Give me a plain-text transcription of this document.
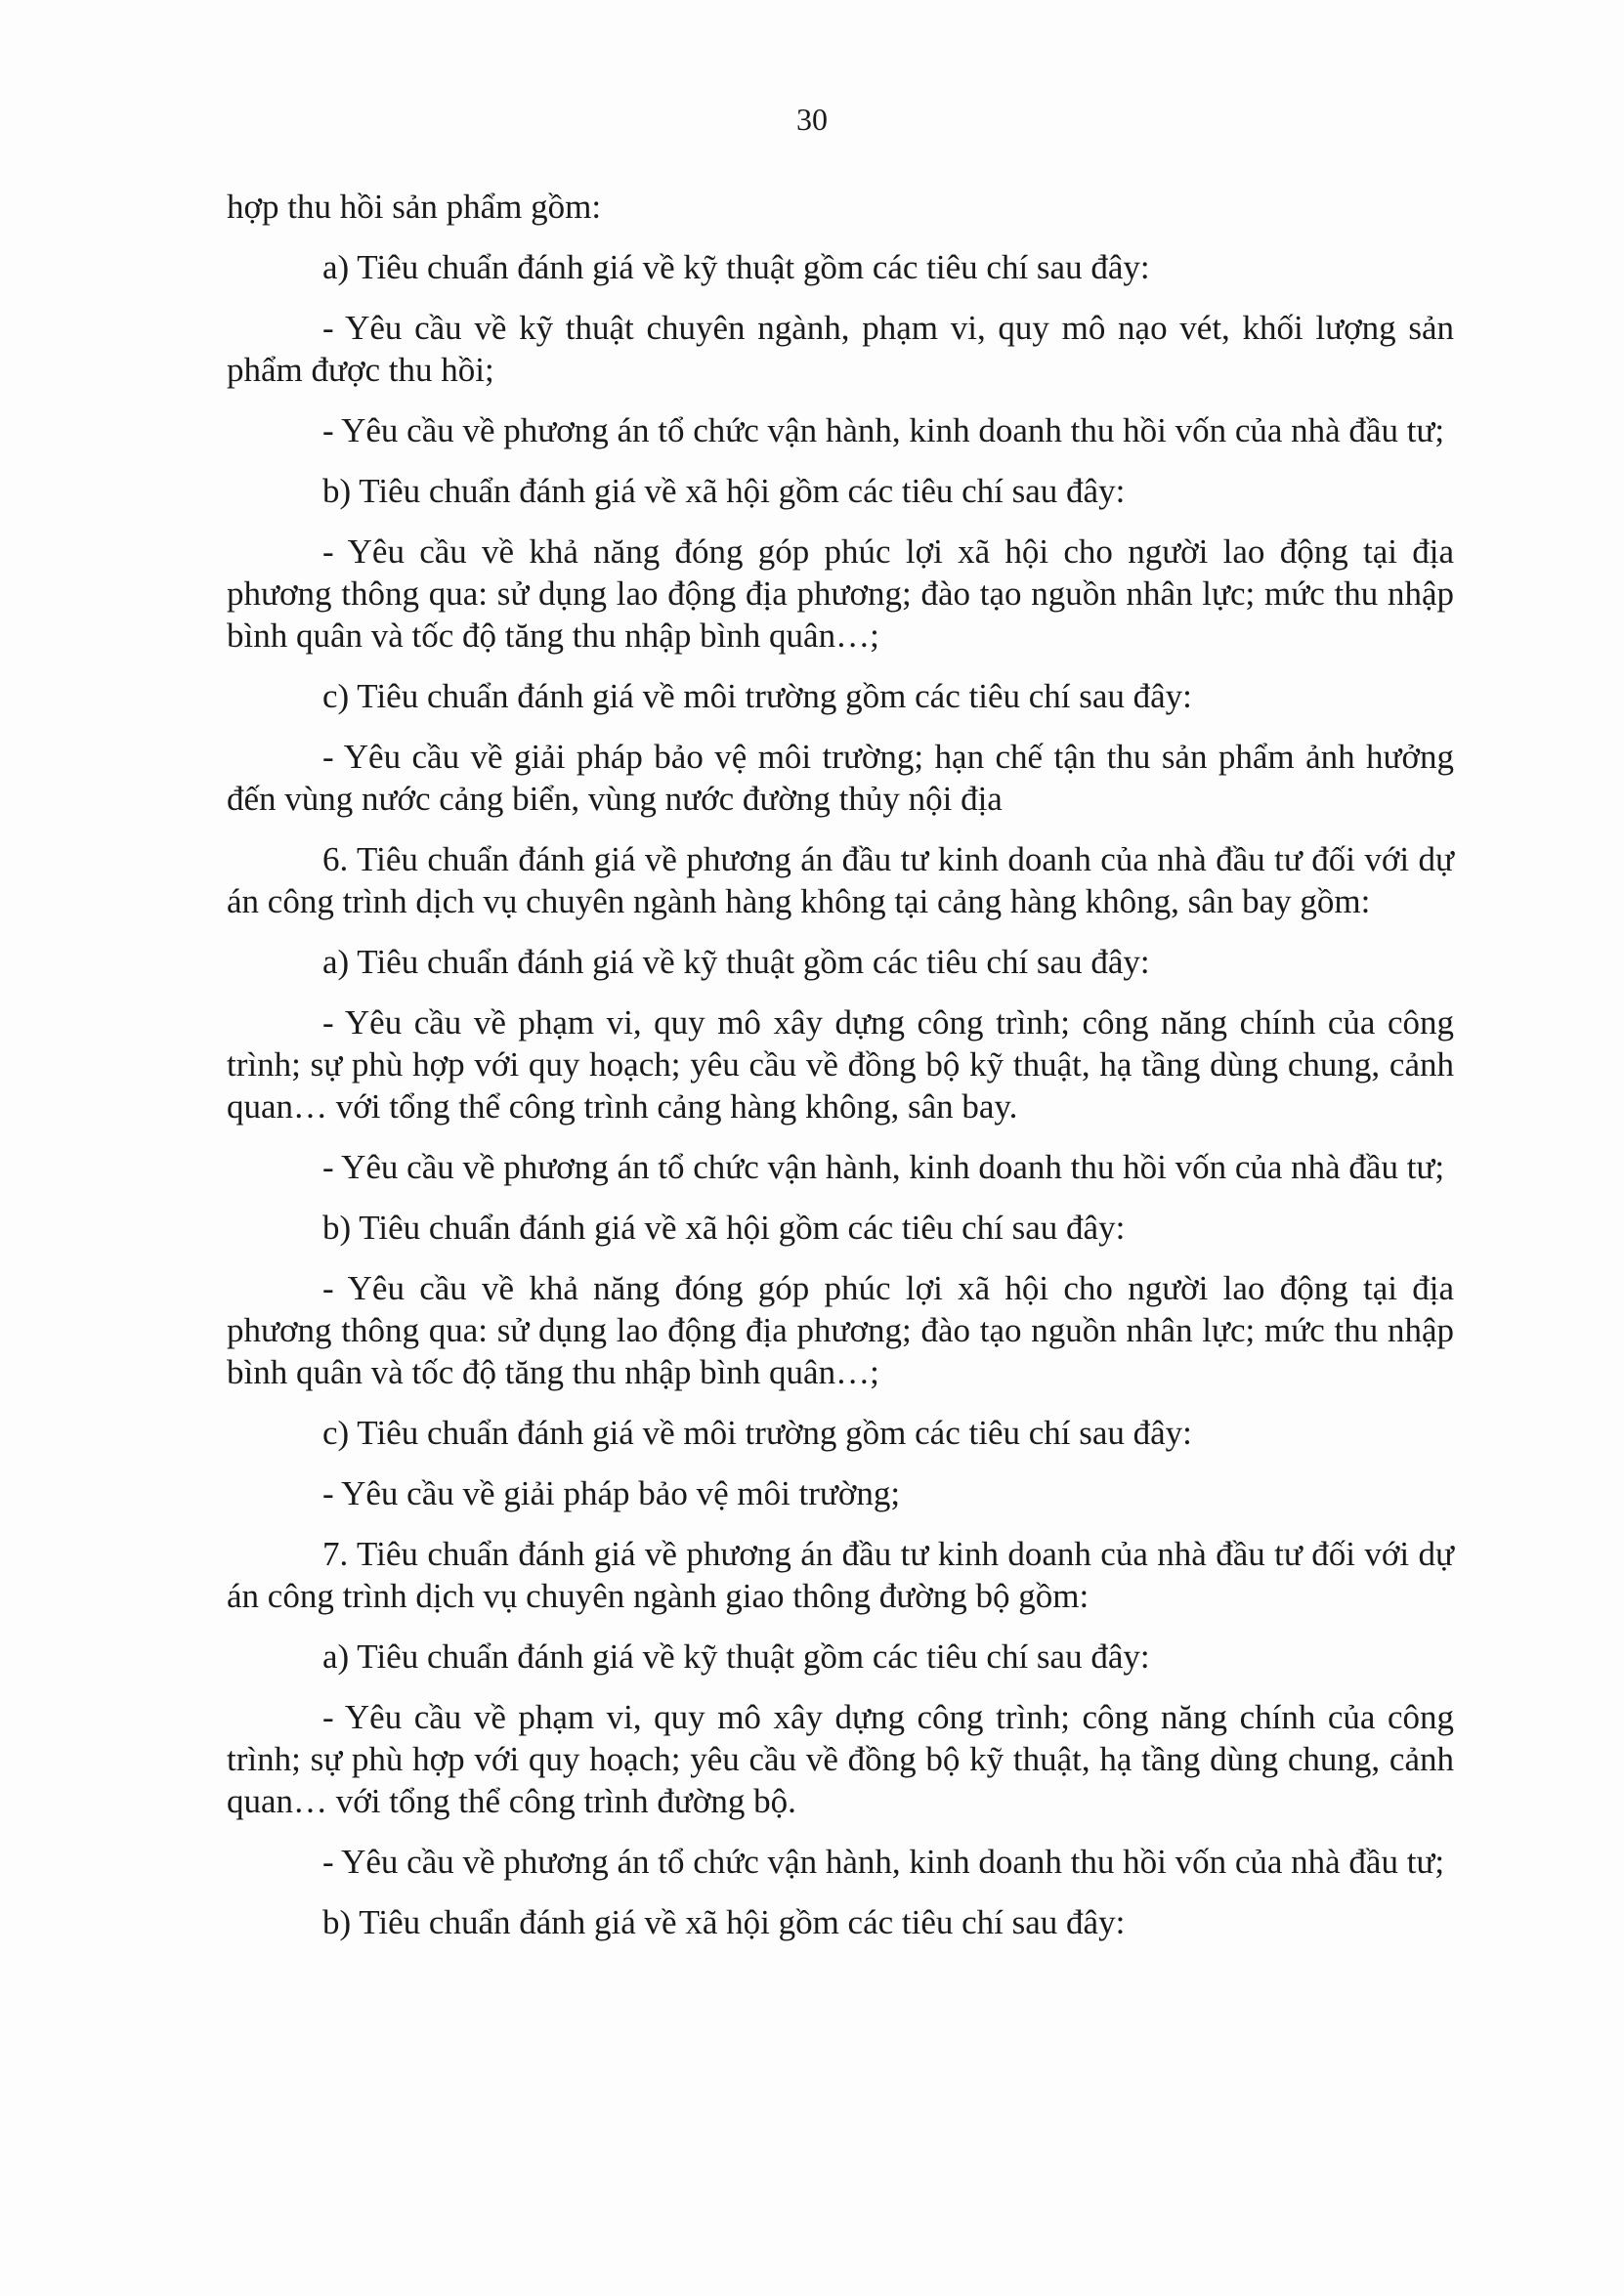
30

hợp thu hồi sản phẩm gồm:

a) Tiêu chuẩn đánh giá về kỹ thuật gồm các tiêu chí sau đây:

- Yêu cầu về kỹ thuật chuyên ngành, phạm vi, quy mô nạo vét, khối lượng sản phẩm được thu hồi;

- Yêu cầu về phương án tổ chức vận hành, kinh doanh thu hồi vốn của nhà đầu tư;

b) Tiêu chuẩn đánh giá về xã hội gồm các tiêu chí sau đây:

- Yêu cầu về khả năng đóng góp phúc lợi xã hội cho người lao động tại địa phương thông qua: sử dụng lao động địa phương; đào tạo nguồn nhân lực; mức thu nhập bình quân và tốc độ tăng thu nhập bình quân…;

c) Tiêu chuẩn đánh giá về môi trường gồm các tiêu chí sau đây:

- Yêu cầu về giải pháp bảo vệ môi trường; hạn chế tận thu sản phẩm ảnh hưởng đến vùng nước cảng biển, vùng nước đường thủy nội địa

6. Tiêu chuẩn đánh giá về phương án đầu tư kinh doanh của nhà đầu tư đối với dự án công trình dịch vụ chuyên ngành hàng không tại cảng hàng không, sân bay gồm:

a) Tiêu chuẩn đánh giá về kỹ thuật gồm các tiêu chí sau đây:

- Yêu cầu về phạm vi, quy mô xây dựng công trình; công năng chính của công trình; sự phù hợp với quy hoạch; yêu cầu về đồng bộ kỹ thuật, hạ tầng dùng chung, cảnh quan… với tổng thể công trình cảng hàng không, sân bay.

- Yêu cầu về phương án tổ chức vận hành, kinh doanh thu hồi vốn của nhà đầu tư;

b) Tiêu chuẩn đánh giá về xã hội gồm các tiêu chí sau đây:

- Yêu cầu về khả năng đóng góp phúc lợi xã hội cho người lao động tại địa phương thông qua: sử dụng lao động địa phương; đào tạo nguồn nhân lực; mức thu nhập bình quân và tốc độ tăng thu nhập bình quân…;

c) Tiêu chuẩn đánh giá về môi trường gồm các tiêu chí sau đây:

- Yêu cầu về giải pháp bảo vệ môi trường;

7. Tiêu chuẩn đánh giá về phương án đầu tư kinh doanh của nhà đầu tư đối với dự án công trình dịch vụ chuyên ngành giao thông đường bộ gồm:

a) Tiêu chuẩn đánh giá về kỹ thuật gồm các tiêu chí sau đây:

- Yêu cầu về phạm vi, quy mô xây dựng công trình; công năng chính của công trình; sự phù hợp với quy hoạch; yêu cầu về đồng bộ kỹ thuật, hạ tầng dùng chung, cảnh quan… với tổng thể công trình đường bộ.

- Yêu cầu về phương án tổ chức vận hành, kinh doanh thu hồi vốn của nhà đầu tư;

b) Tiêu chuẩn đánh giá về xã hội gồm các tiêu chí sau đây:
